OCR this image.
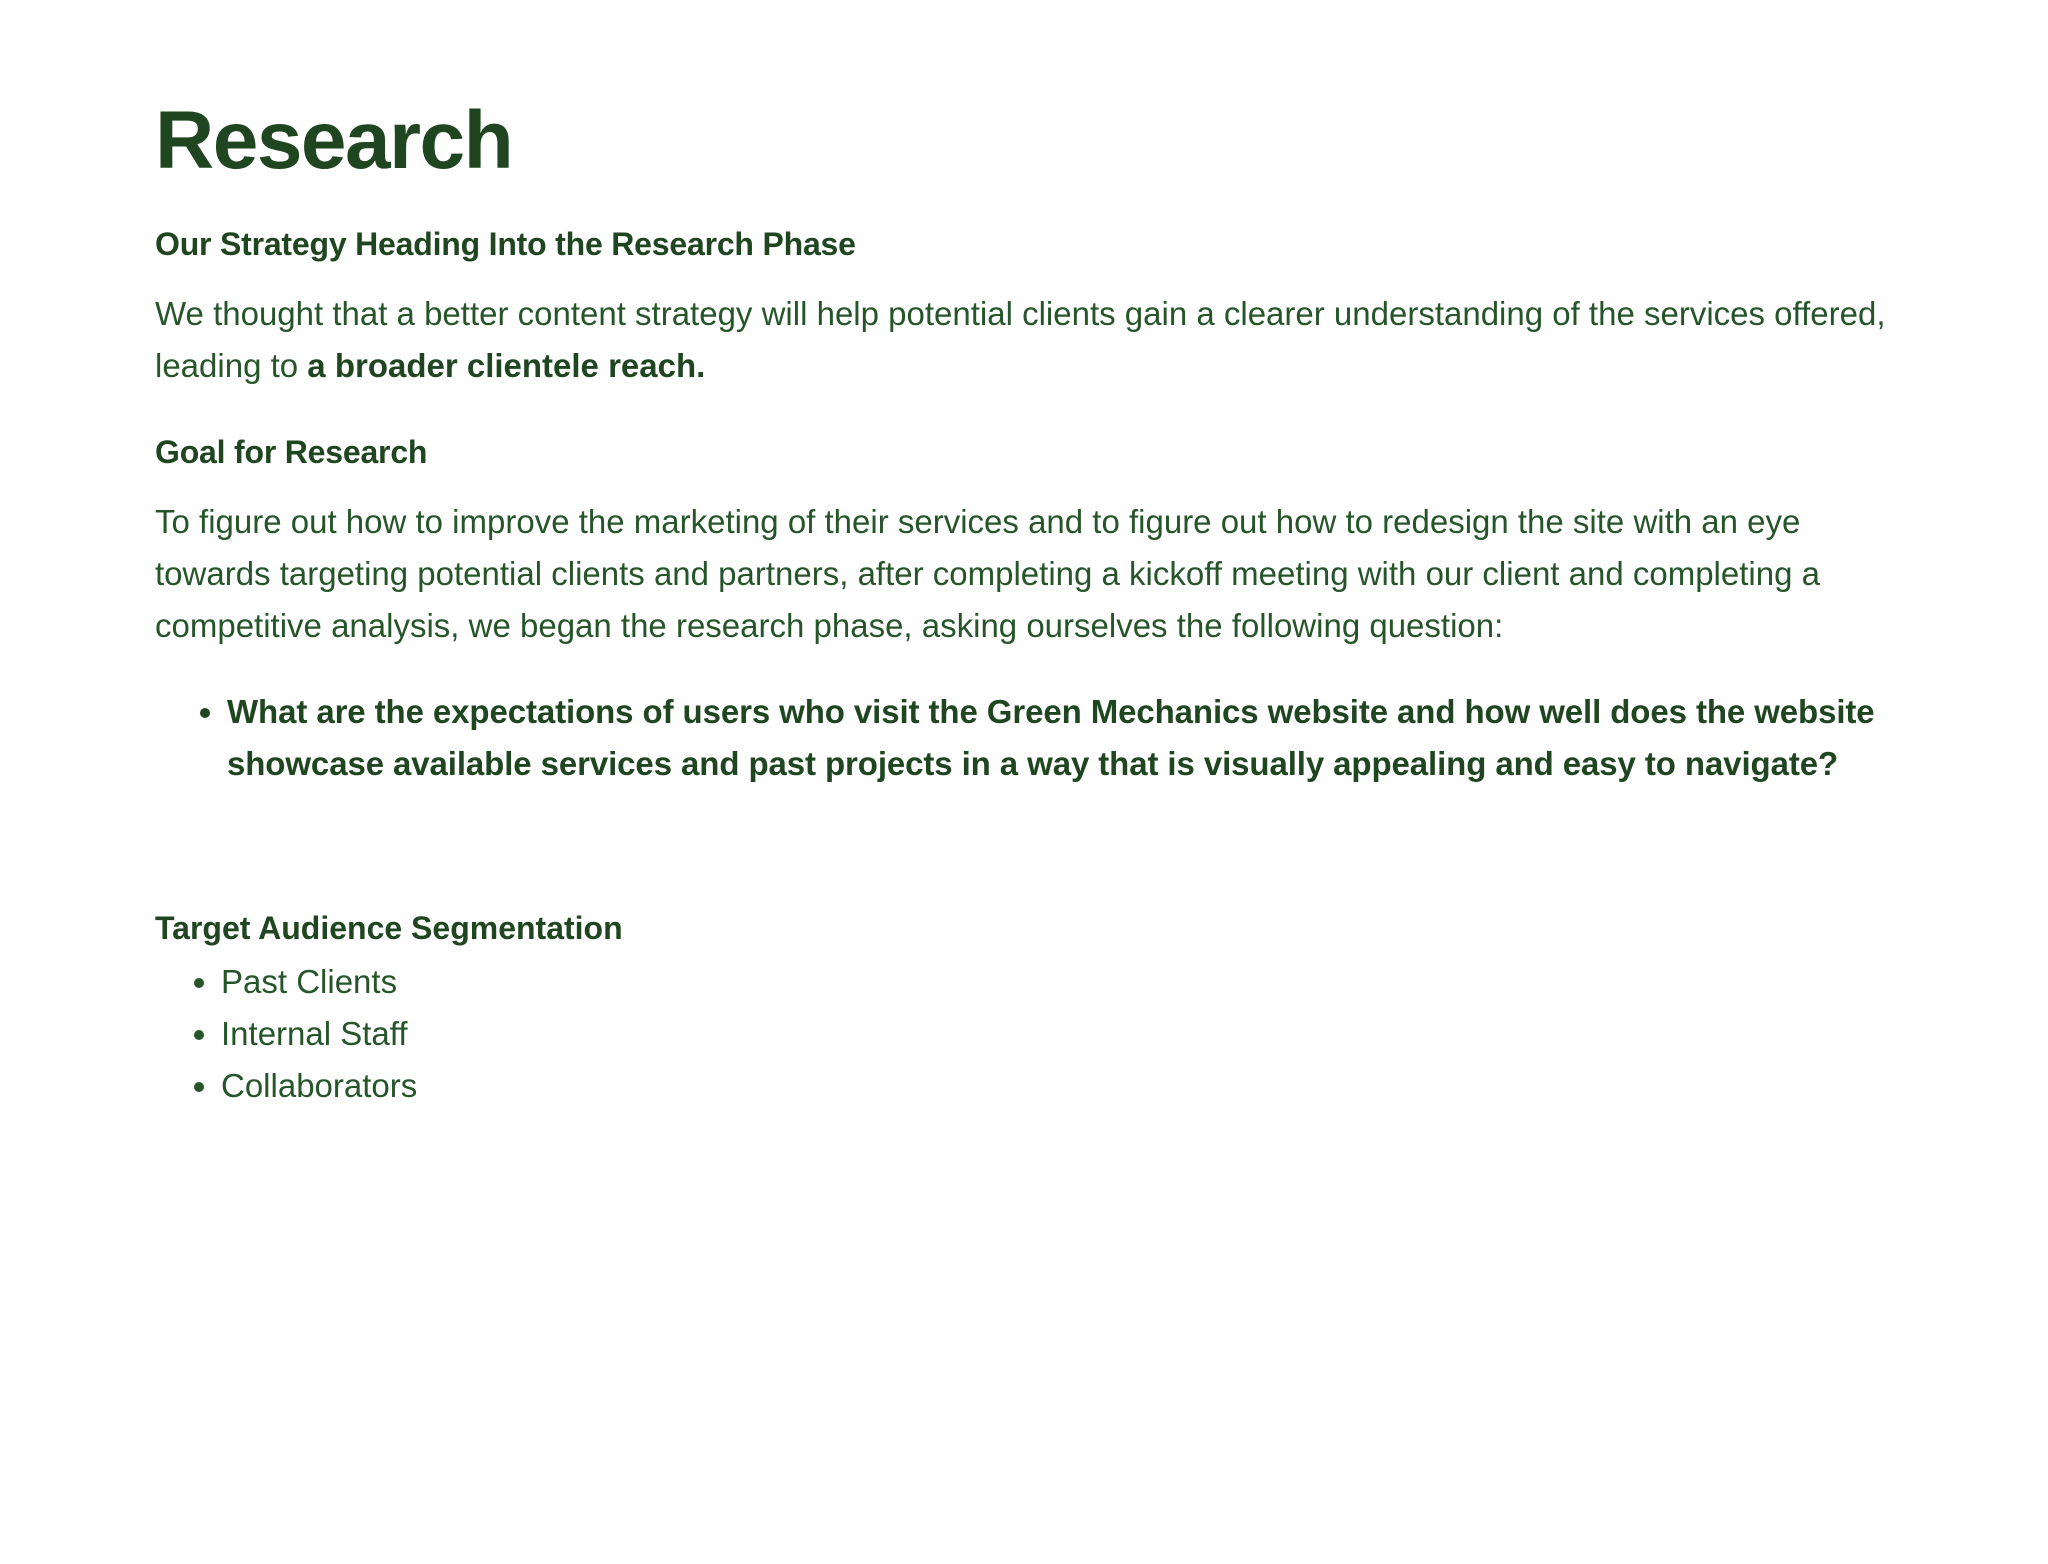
Research
Our Strategy Heading Into the Research Phase

We thought that a better content strategy will help potential clients gain a clearer understanding of the services offered, leading to a broader clientele reach.

Goal for Research

To figure out how to improve the marketing of their services and to figure out how to redesign the site with an eye towards targeting potential clients and partners, after completing a kickoff meeting with our client and completing a competitive analysis, we began the research phase, asking ourselves the following question:

• What are the expectations of users who visit the Green Mechanics website and how well does the website showcase available services and past projects in a way that is visually appealing and easy to navigate?
Target Audience Segmentation
• Past Clients
• Internal Staff
• Collaborators
